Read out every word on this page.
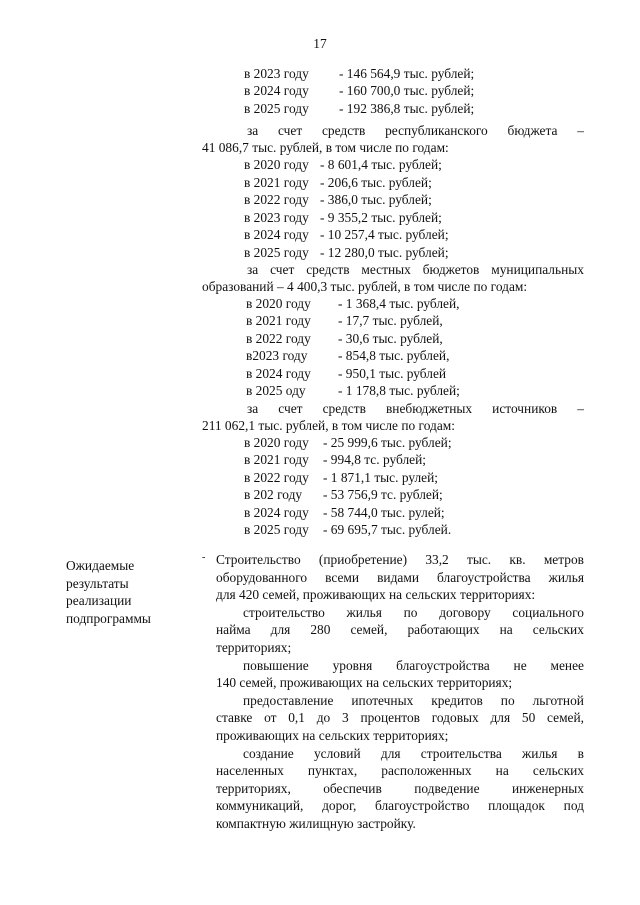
17
в 2023 году - 146 564,9 тыс. рублей;
в 2024 году - 160 700,0 тыс. рублей;
в 2025 году - 192 386,8 тыс. рублей;
за счет средств республиканского бюджета –
41 086,7 тыс. рублей, в том числе по годам:
в 2020 году - 8 601,4 тыс. рублей;
в 2021 году - 206,6 тыс. рублей;
в 2022 году - 386,0 тыс. рублей;
в 2023 году - 9 355,2 тыс. рублей;
в 2024 году - 10 257,4 тыс. рублей;
в 2025 году - 12 280,0 тыс. рублей;
за счет средств местных бюджетов муниципальных
образований – 4 400,3 тыс. рублей, в том числе по годам:
в 2020 году - 1 368,4 тыс. рублей,
в 2021 году - 17,7 тыс. рублей,
в 2022 году - 30,6 тыс. рублей,
в2023 году - 854,8 тыс. рублей,
в 2024 году - 950,1 тыс. рублей
в 2025 оду - 1 178,8 тыс. рублей;
за счет средств внебюджетных источников –
211 062,1 тыс. рублей, в том числе по годам:
в 2020 году - 25 999,6 тыс. рублей;
в 2021 году - 994,8 тс. рублей;
в 2022 году - 1 871,1 тыс. рулей;
в 202 году - 53 756,9 тс. рублей;
в 2024 году - 58 744,0 тыс. рулей;
в 2025 году - 69 695,7 тыс. рублей.
Строительство (приобретение) 33,2 тыс. кв. метров
оборудованного всеми видами благоустройства жилья
для 420 семей, проживающих на сельских территориях:
строительство жилья по договору социального
найма для 280 семей, работающих на сельских
территориях;
повышение уровня благоустройства не менее
140 семей, проживающих на сельских территориях;
предоставление ипотечных кредитов по льготной
ставке от 0,1 до 3 процентов годовых для 50 семей,
проживающих на сельских территориях;
создание условий для строительства жилья в
населенных пунктах, расположенных на сельских
территориях, обеспечив подведение инженерных
коммуникаций, дорог, благоустройство площадок под
компактную жилищную застройку.
Ожидаемые
результаты
реализации
подпрограммы
-
